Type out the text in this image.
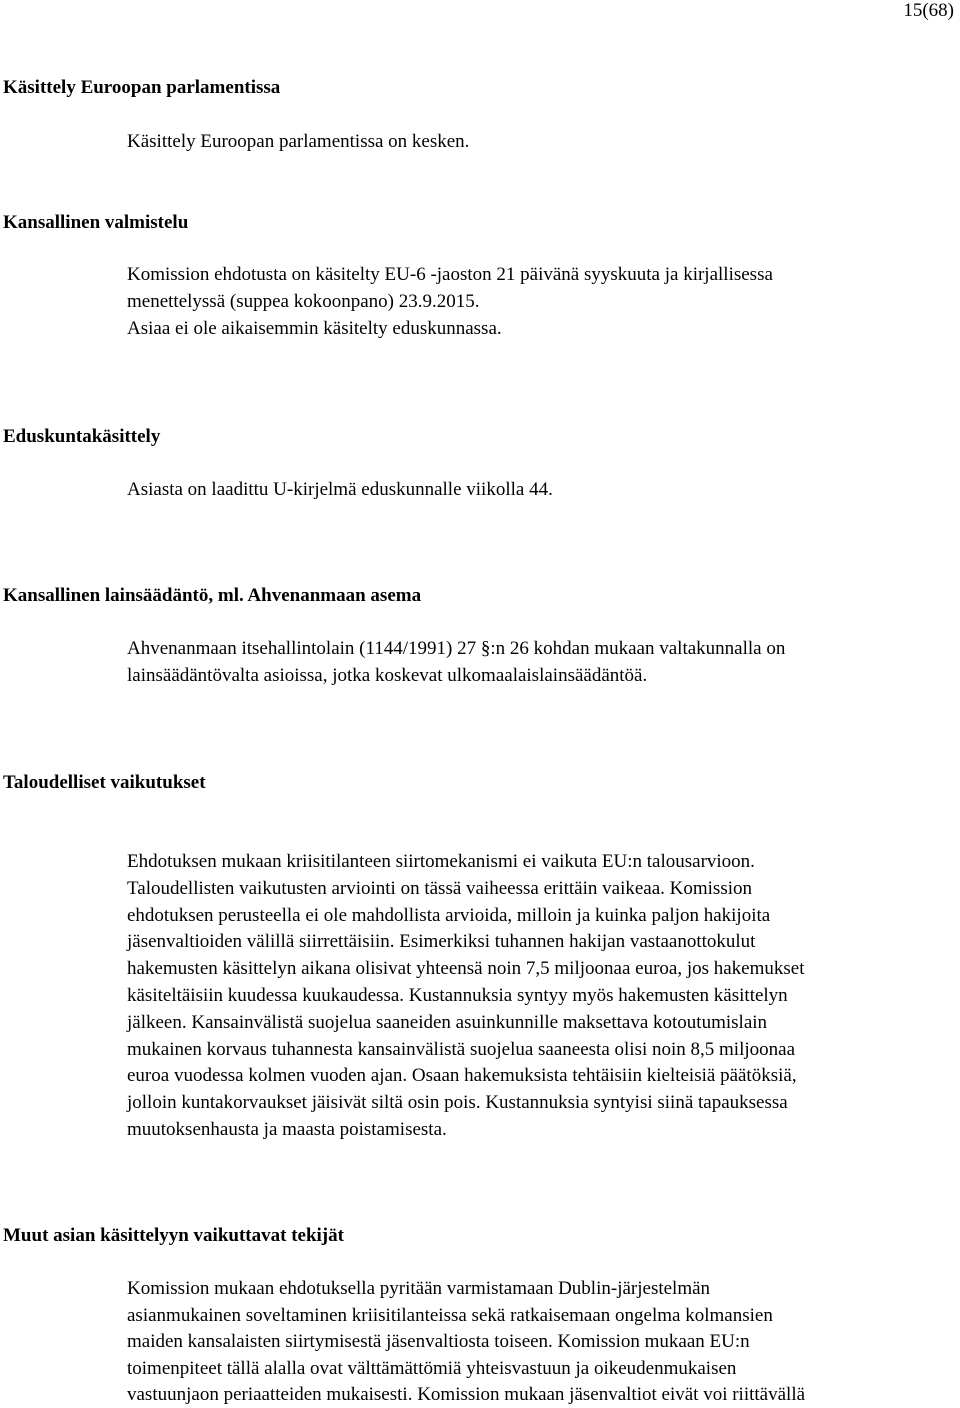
15(68)
Käsittely Euroopan parlamentissa
Käsittely Euroopan parlamentissa on kesken.
Kansallinen valmistelu
Komission ehdotusta on käsitelty EU-6 -jaoston 21 päivänä syyskuuta ja kirjallisessa
menettelyssä (suppea kokoonpano) 23.9.2015.
Asiaa ei ole aikaisemmin käsitelty eduskunnassa.
Eduskuntakäsittely
Asiasta on laadittu U-kirjelmä eduskunnalle viikolla 44.
Kansallinen lainsäädäntö, ml. Ahvenanmaan asema
Ahvenanmaan itsehallintolain (1144/1991) 27 §:n 26 kohdan mukaan valtakunnalla on
lainsäädäntövalta asioissa, jotka koskevat ulkomaalaislainsäädäntöä.
Taloudelliset vaikutukset
Ehdotuksen mukaan kriisitilanteen siirtomekanismi ei vaikuta EU:n talousarvioon.
Taloudellisten vaikutusten arviointi on tässä vaiheessa erittäin vaikeaa. Komission
ehdotuksen perusteella ei ole mahdollista arvioida, milloin ja kuinka paljon hakijoita
jäsenvaltioiden välillä siirrettäisiin. Esimerkiksi tuhannen hakijan vastaanottokulut
hakemusten käsittelyn aikana olisivat yhteensä noin 7,5 miljoonaa euroa, jos hakemukset
käsiteltäisiin kuudessa kuukaudessa. Kustannuksia syntyy myös hakemusten käsittelyn
jälkeen. Kansainvälistä suojelua saaneiden asuinkunnille maksettava kotoutumislain
mukainen korvaus tuhannesta kansainvälistä suojelua saaneesta olisi noin 8,5 miljoonaa
euroa vuodessa kolmen vuoden ajan. Osaan hakemuksista tehtäisiin kielteisiä päätöksiä,
jolloin kuntakorvaukset jäisivät siltä osin pois. Kustannuksia syntyisi siinä tapauksessa
muutoksenhausta ja maasta poistamisesta.
Muut asian käsittelyyn vaikuttavat tekijät
Komission mukaan ehdotuksella pyritään varmistamaan Dublin-järjestelmän
asianmukainen soveltaminen kriisitilanteissa sekä ratkaisemaan ongelma kolmansien
maiden kansalaisten siirtymisestä jäsenvaltiosta toiseen. Komission mukaan EU:n
toimenpiteet tällä alalla ovat välttämättömiä yhteisvastuun ja oikeudenmukaisen
vastuunjaon periaatteiden mukaisesti. Komission mukaan jäsenvaltiot eivät voi riittävällä
